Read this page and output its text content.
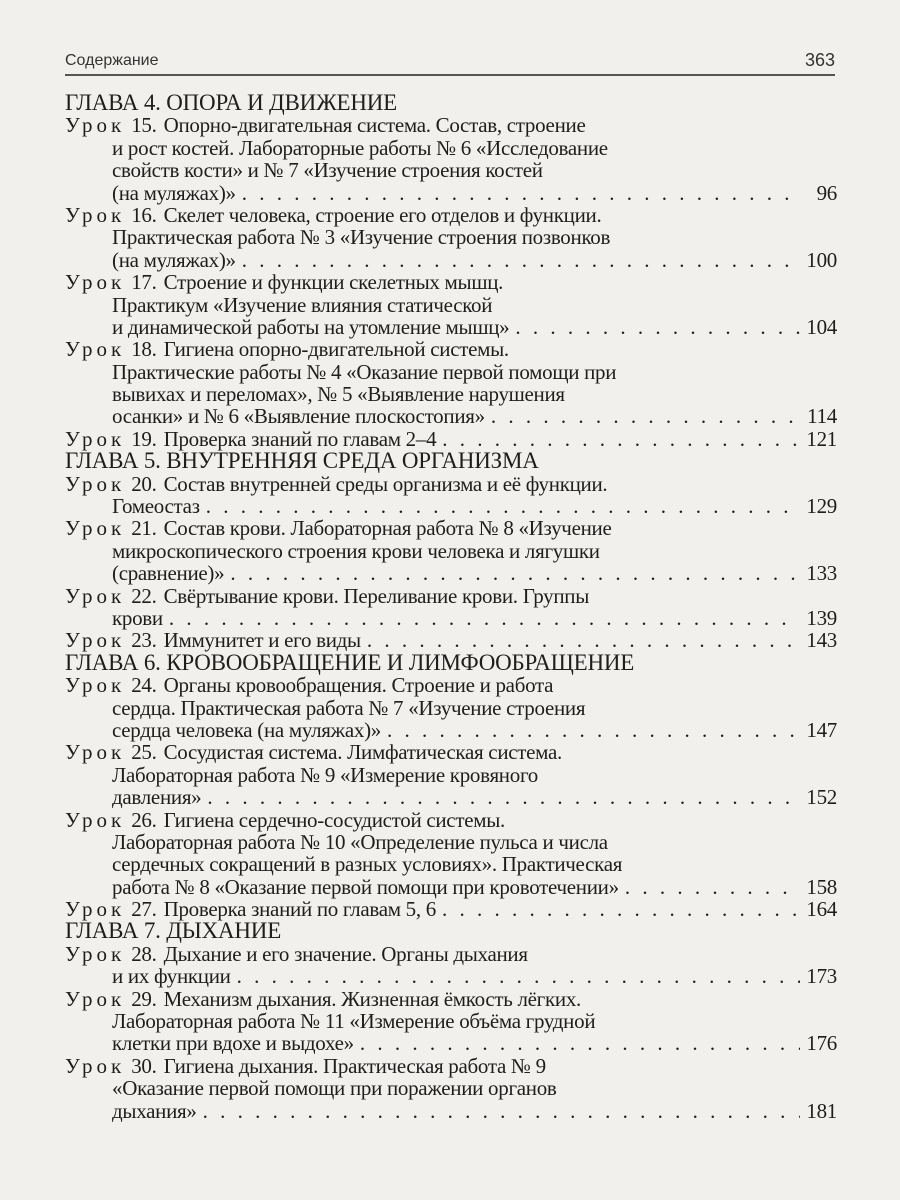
Содержание	363
ГЛАВА 4. ОПОРА И ДВИЖЕНИЕ
Урок 15. Опорно-двигательная система. Состав, строение
и рост костей. Лабораторные работы № 6 «Исследование
свойств кости» и № 7 «Изучение строения костей
(на муляжах)» . . .	96
Урок 16. Скелет человека, строение его отделов и функции.
Практическая работа № 3 «Изучение строения позвонков
(на муляжах)» . . .	100
Урок 17. Строение и функции скелетных мышц.
Практикум «Изучение влияния статической
и динамической работы на утомление мышц» . . .	104
Урок 18. Гигиена опорно-двигательной системы.
Практические работы № 4 «Оказание первой помощи при
вывихах и переломах», № 5 «Выявление нарушения
осанки» и № 6 «Выявление плоскостопия» . . .	114
Урок 19. Проверка знаний по главам 2–4 . . .	121
ГЛАВА 5. ВНУТРЕННЯЯ СРЕДА ОРГАНИЗМА
Урок 20. Состав внутренней среды организма и её функции.
Гомеостаз . . .	129
Урок 21. Состав крови. Лабораторная работа № 8 «Изучение
микроскопического строения крови человека и лягушки
(сравнение)» . . .	133
Урок 22. Свёртывание крови. Переливание крови. Группы
крови . . .	139
Урок 23. Иммунитет и его виды . . .	143
ГЛАВА 6. КРОВООБРАЩЕНИЕ И ЛИМФООБРАЩЕНИЕ
Урок 24. Органы кровообращения. Строение и работа
сердца. Практическая работа № 7 «Изучение строения
сердца человека (на муляжах)» . . .	147
Урок 25. Сосудистая система. Лимфатическая система.
Лабораторная работа № 9 «Измерение кровяного
давления» . . .	152
Урок 26. Гигиена сердечно-сосудистой системы.
Лабораторная работа № 10 «Определение пульса и числа
сердечных сокращений в разных условиях». Практическая
работа № 8 «Оказание первой помощи при кровотечении» . . .	158
Урок 27. Проверка знаний по главам 5, 6 . . .	164
ГЛАВА 7. ДЫХАНИЕ
Урок 28. Дыхание и его значение. Органы дыхания
и их функции . . .	173
Урок 29. Механизм дыхания. Жизненная ёмкость лёгких.
Лабораторная работа № 11 «Измерение объёма грудной
клетки при вдохе и выдохе» . . .	176
Урок 30. Гигиена дыхания. Практическая работа № 9
«Оказание первой помощи при поражении органов
дыхания» . . .	181
